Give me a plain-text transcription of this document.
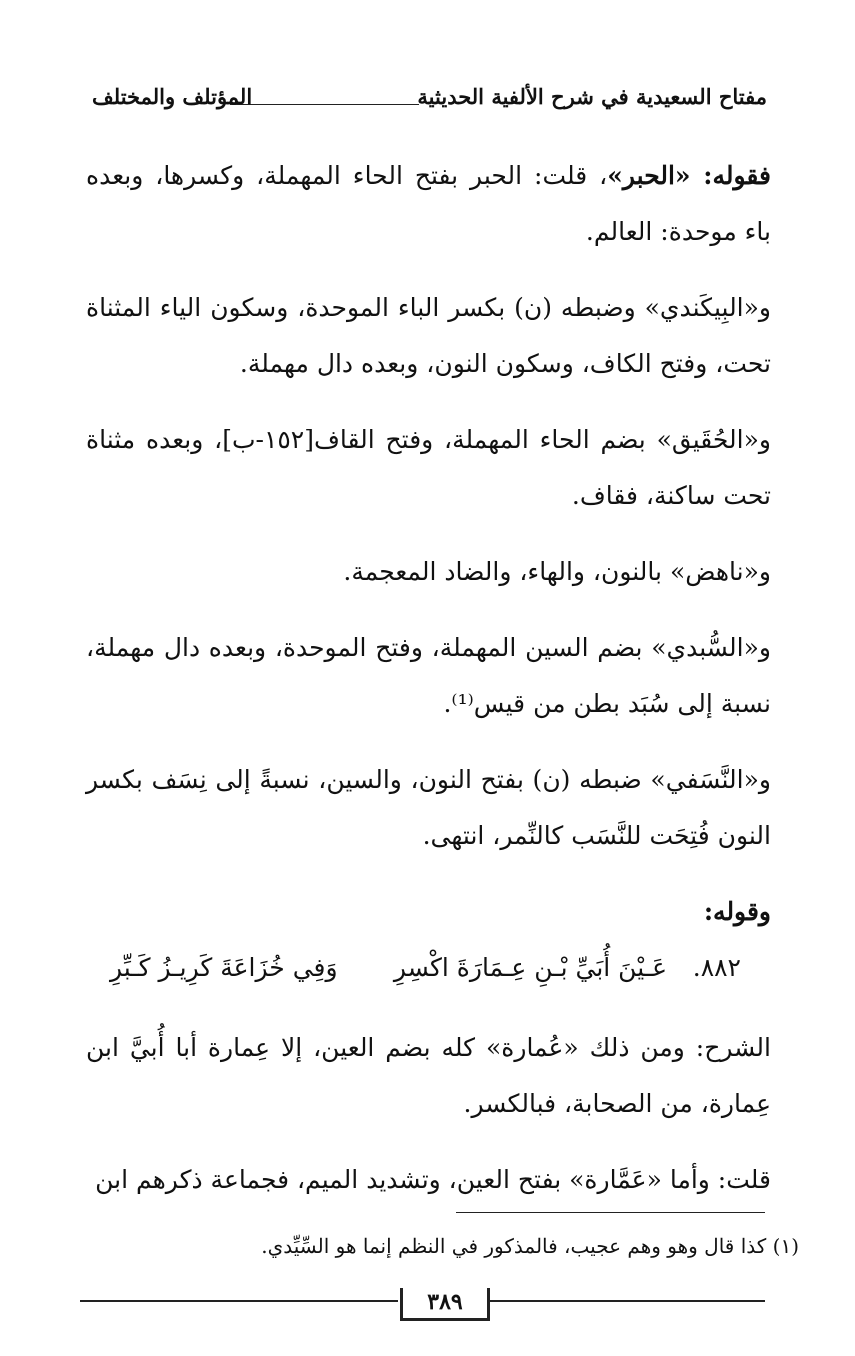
مفتاح السعيدية في شرح الألفية الحديثية
المؤتلف والمختلف

فقوله: «الحبر»، قلت: الحبر بفتح الحاء المهملة، وكسرها، وبعده باء موحدة: العالم.

و«البِيكَندي» وضبطه (ن) بكسر الباء الموحدة، وسكون الياء المثناة تحت، وفتح الكاف، وسكون النون، وبعده دال مهملة.

و«الحُقَيق» بضم الحاء المهملة، وفتح القاف[١٥٢-ب]، وبعده مثناة تحت ساكنة، فقاف.

و«ناهض» بالنون، والهاء، والضاد المعجمة.

و«السُّبدي» بضم السين المهملة، وفتح الموحدة، وبعده دال مهملة، نسبة إلى سُبَد بطن من قيس⁽¹⁾.

و«النَّسَفي» ضبطه (ن) بفتح النون، والسين، نسبةً إلى نِسَف بكسر النون فُتِحَت للنَّسَب كالنِّمر، انتهى.

وقوله:

٨٨٢.
عَـيْنَ أُبَيِّ بْـنِ عِـمَارَةَ اكْسِرِ
وَفِي خُزَاعَةَ كَرِيـزُ كَـبِّرِ

الشرح: ومن ذلك «عُمارة» كله بضم العين، إلا عِمارة أبا أُبيَّ ابن عِمارة، من الصحابة، فبالكسر.

قلت: وأما «عَمَّارة» بفتح العين، وتشديد الميم، فجماعة ذكرهم ابن

(١) كذا قال وهو وهم عجيب، فالمذكور في النظم إنما هو السِّيِّدي.
٣٨٩
